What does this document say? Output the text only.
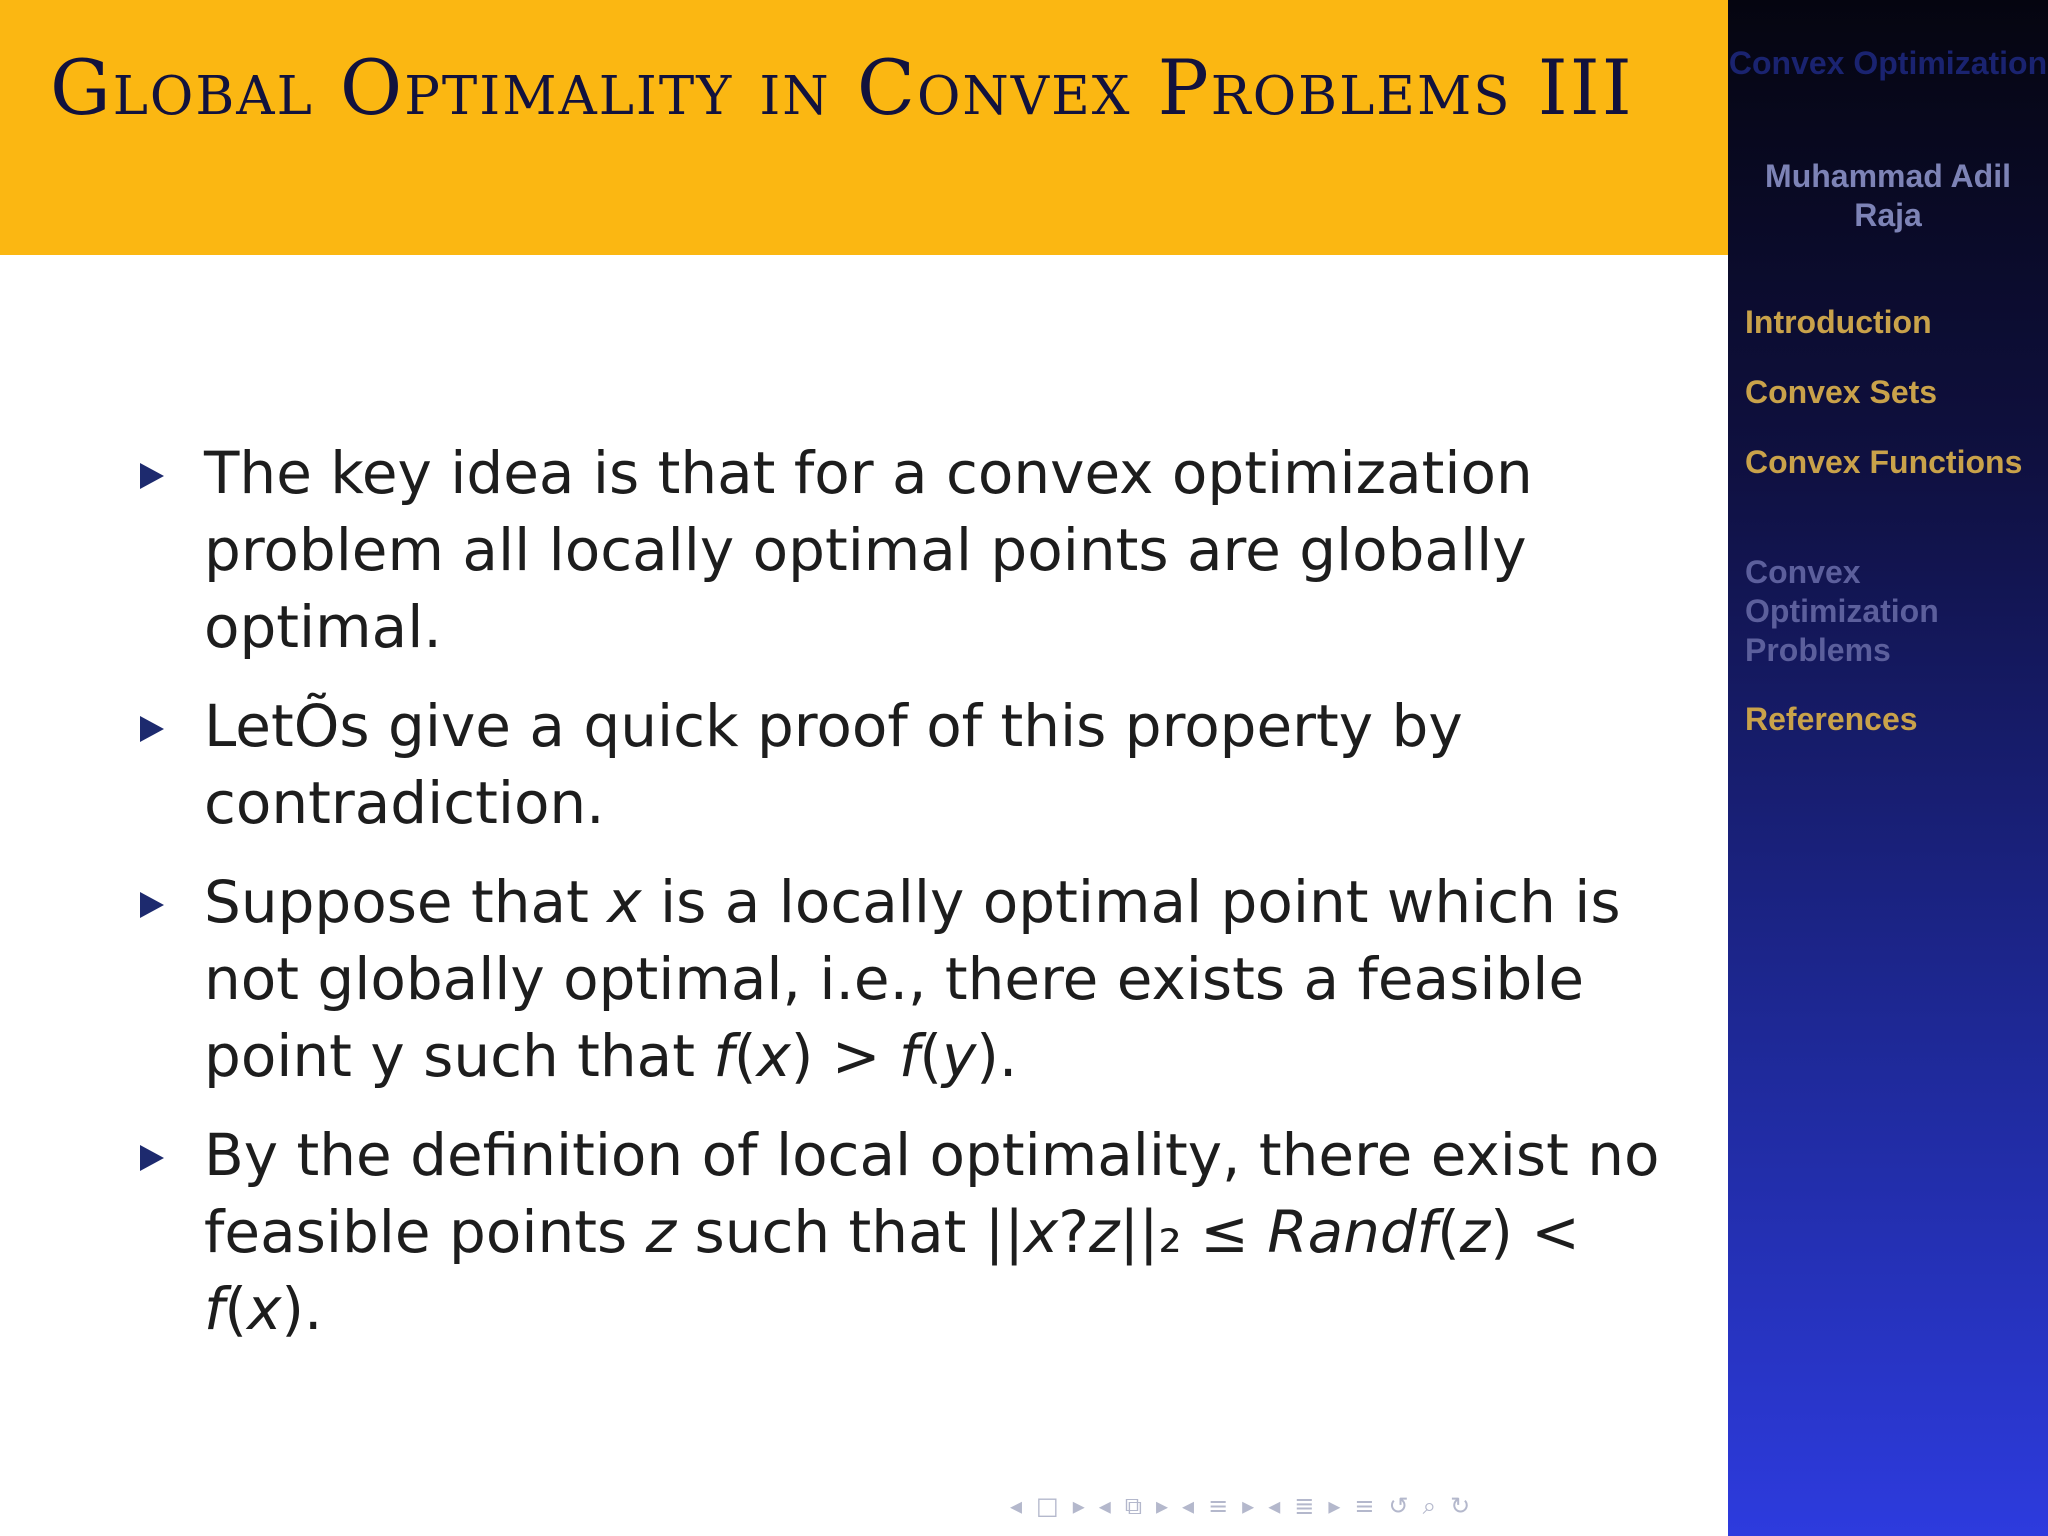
Global Optimality in Convex Problems III
The key idea is that for a convex optimization problem all locally optimal points are globally optimal.
LetÕs give a quick proof of this property by contradiction.
Suppose that x is a locally optimal point which is not globally optimal, i.e., there exists a feasible point y such that f(x) > f(y).
By the definition of local optimality, there exist no feasible points z such that ||x?z||₂ ≤ Randf(z) < f(x).
◂ □ ▸ ◂ ⧉ ▸ ◂ ≡ ▸ ◂ ≣ ▸ ≡ ↺ ⌕ ↻
Convex Optimization
Muhammad Adil Raja
Introduction
Convex Sets
Convex Functions
Convex Optimization Problems
References
